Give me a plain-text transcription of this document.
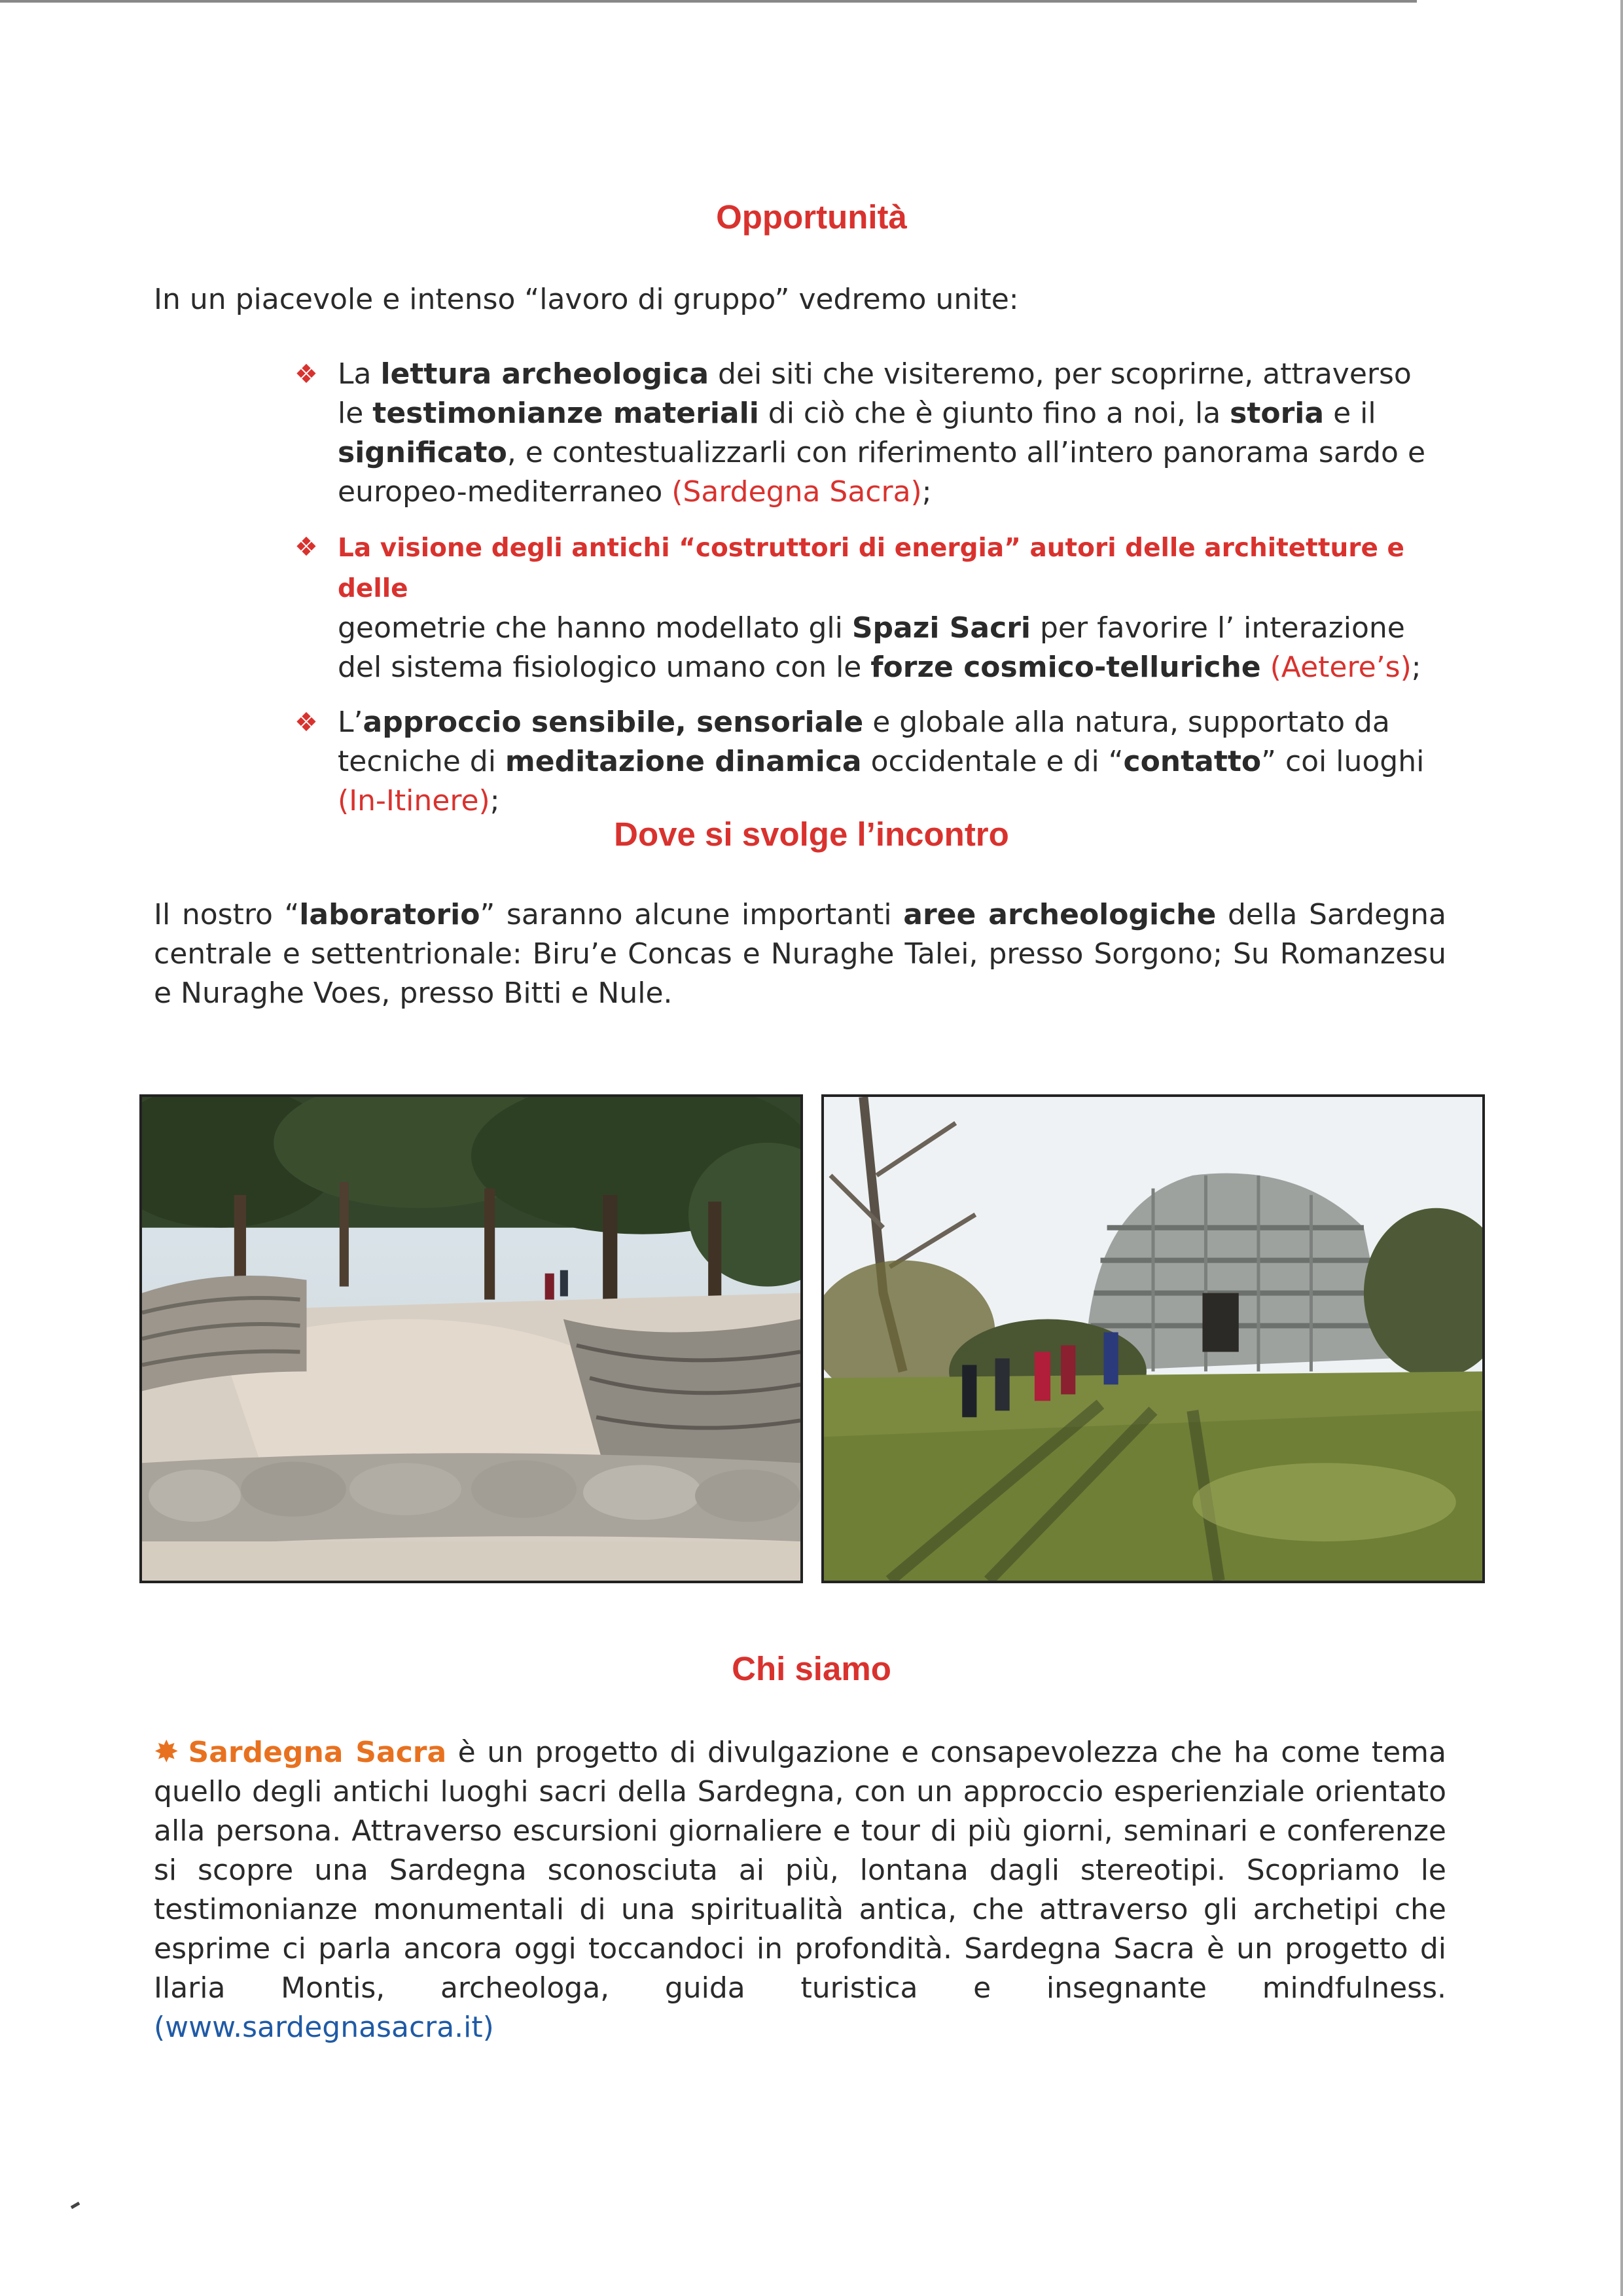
Opportunità

In un piacevole e intenso “lavoro di gruppo” vedremo unite:

❖ La lettura archeologica dei siti che visiteremo, per scoprirne, attraverso le testimonianze materiali di ciò che è giunto fino a noi, la storia e il significato, e contestualizzarli con riferimento all’intero panorama sardo e europeo-mediterraneo (Sardegna Sacra);
❖ La visione degli antichi “costruttori di energia” autori delle architetture e delle
geometrie che hanno modellato gli Spazi Sacri per favorire l’ interazione del sistema fisiologico umano con le forze cosmico-telluriche (Aetere’s);
❖ L’approccio sensibile, sensoriale e globale alla natura, supportato da tecniche di meditazione dinamica occidentale e di “contatto” coi luoghi (In-Itinere);
Dove si svolge l’incontro

Il nostro “laboratorio” saranno alcune importanti aree archeologiche della Sardegna centrale e settentrionale: Biru’e Concas e Nuraghe Talei, presso Sorgono; Su Romanzesu e Nuraghe Voes, presso Bitti e Nule.

Chi siamo

✸ Sardegna Sacra è un progetto di divulgazione e consapevolezza che ha come tema quello degli antichi luoghi sacri della Sardegna, con un approccio esperienziale orientato alla persona. Attraverso escursioni giornaliere e tour di più giorni, seminari e conferenze si scopre una Sardegna sconosciuta ai più, lontana dagli stereotipi. Scopriamo le testimonianze monumentali di una spiritualità antica, che attraverso gli archetipi che esprime ci parla ancora oggi toccandoci in profondità. Sardegna Sacra è un progetto di Ilaria Montis, archeologa, guida turistica e insegnante mindfulness. (www.sardegnasacra.it)
